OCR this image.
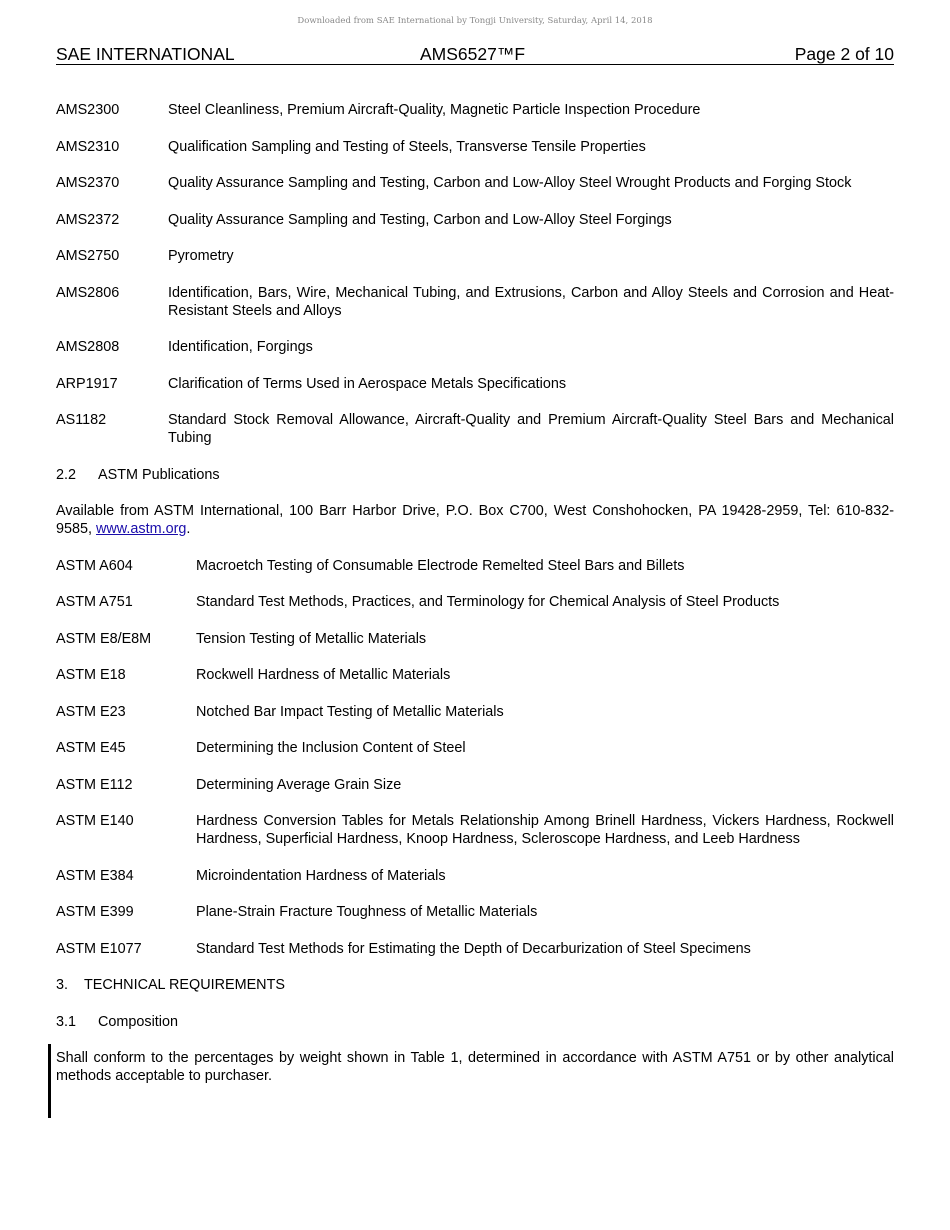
Downloaded from SAE International by Tongji University, Saturday, April 14, 2018
SAE INTERNATIONAL	AMS6527™F	Page 2 of 10
AMS2300	Steel Cleanliness, Premium Aircraft-Quality, Magnetic Particle Inspection Procedure
AMS2310	Qualification Sampling and Testing of Steels, Transverse Tensile Properties
AMS2370	Quality Assurance Sampling and Testing, Carbon and Low-Alloy Steel Wrought Products and Forging Stock
AMS2372	Quality Assurance Sampling and Testing, Carbon and Low-Alloy Steel Forgings
AMS2750	Pyrometry
AMS2806	Identification, Bars, Wire, Mechanical Tubing, and Extrusions, Carbon and Alloy Steels and Corrosion and Heat-Resistant Steels and Alloys
AMS2808	Identification, Forgings
ARP1917	Clarification of Terms Used in Aerospace Metals Specifications
AS1182	Standard Stock Removal Allowance, Aircraft-Quality and Premium Aircraft-Quality Steel Bars and Mechanical Tubing
2.2 ASTM Publications
Available from ASTM International, 100 Barr Harbor Drive, P.O. Box C700, West Conshohocken, PA 19428-2959, Tel: 610-832-9585, www.astm.org.
ASTM A604	Macroetch Testing of Consumable Electrode Remelted Steel Bars and Billets
ASTM A751	Standard Test Methods, Practices, and Terminology for Chemical Analysis of Steel Products
ASTM E8/E8M	Tension Testing of Metallic Materials
ASTM E18	Rockwell Hardness of Metallic Materials
ASTM E23	Notched Bar Impact Testing of Metallic Materials
ASTM E45	Determining the Inclusion Content of Steel
ASTM E112	Determining Average Grain Size
ASTM E140	Hardness Conversion Tables for Metals Relationship Among Brinell Hardness, Vickers Hardness, Rockwell Hardness, Superficial Hardness, Knoop Hardness, Scleroscope Hardness, and Leeb Hardness
ASTM E384	Microindentation Hardness of Materials
ASTM E399	Plane-Strain Fracture Toughness of Metallic Materials
ASTM E1077	Standard Test Methods for Estimating the Depth of Decarburization of Steel Specimens
3. TECHNICAL REQUIREMENTS
3.1 Composition
Shall conform to the percentages by weight shown in Table 1, determined in accordance with ASTM A751 or by other analytical methods acceptable to purchaser.
